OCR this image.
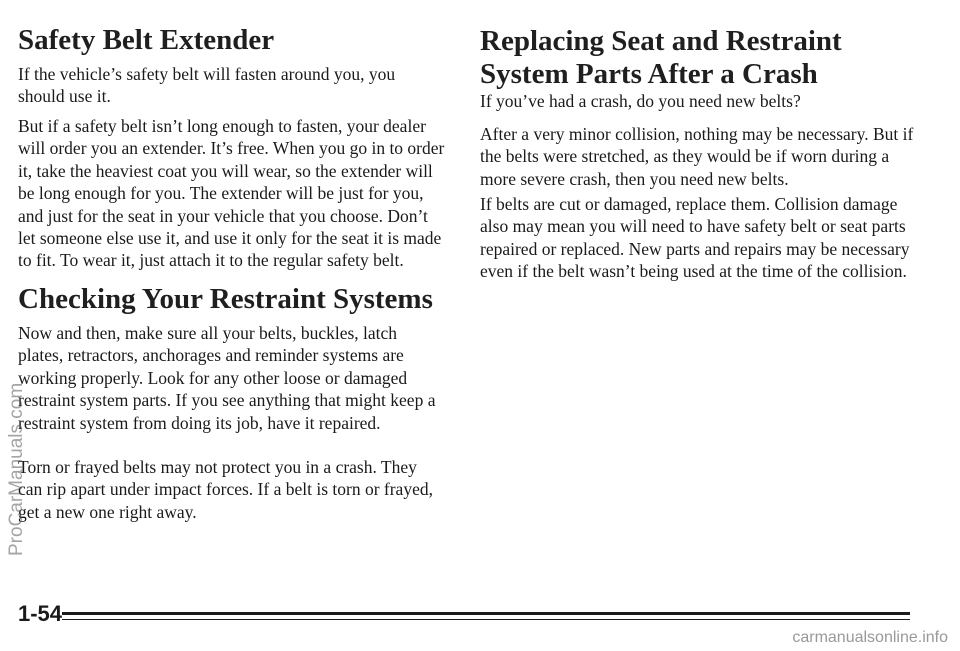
Safety Belt Extender

If the vehicle’s safety belt will fasten around you, you should use it.

But if a safety belt isn’t long enough to fasten, your dealer will order you an extender. It’s free. When you go in to order it, take the heaviest coat you will wear, so the extender will be long enough for you. The extender will be just for you, and just for the seat in your vehicle that you choose. Don’t let someone else use it, and use it only for the seat it is made to fit. To wear it, just attach it to the regular safety belt.

Checking Your Restraint Systems

Now and then, make sure all your belts, buckles, latch plates, retractors, anchorages and reminder systems are working properly. Look for any other loose or damaged restraint system parts. If you see anything that might keep a restraint system from doing its job, have it repaired.

Torn or frayed belts may not protect you in a crash. They can rip apart under impact forces. If a belt is torn or frayed, get a new one right away.

Replacing Seat and Restraint System Parts After a Crash

If you’ve had a crash, do you need new belts?

After a very minor collision, nothing may be necessary. But if the belts were stretched, as they would be if worn during a more severe crash, then you need new belts.

If belts are cut or damaged, replace them. Collision damage also may mean you will need to have safety belt or seat parts repaired or replaced. New parts and repairs may be necessary even if the belt wasn’t being used at the time of the collision.

1-54
ProCarManuals.com
carmanualsonline.info
